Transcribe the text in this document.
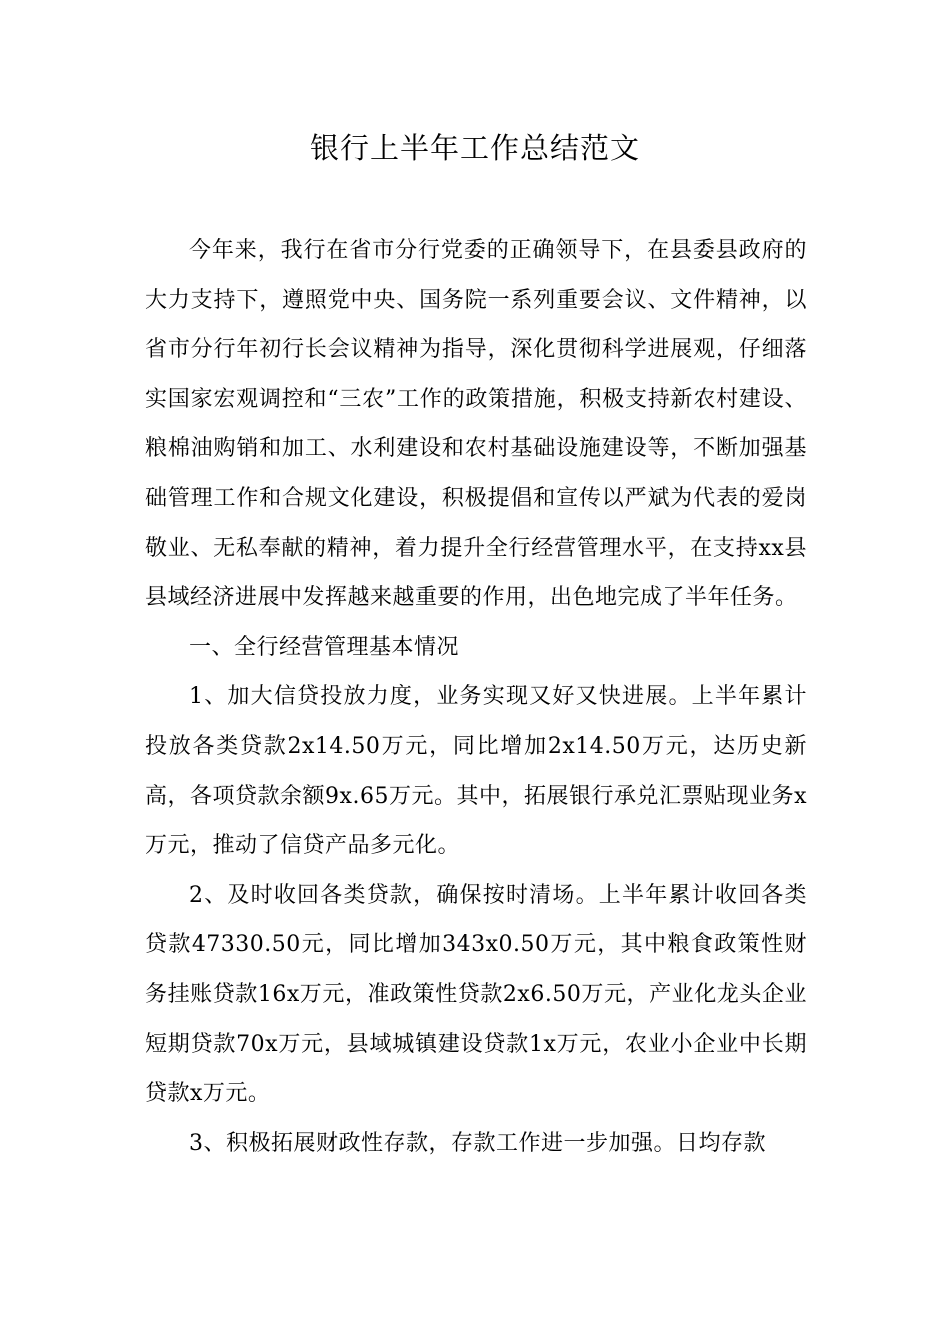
银行上半年工作总结范文

今年来，我行在省市分行党委的正确领导下，在县委县政府的大力支持下，遵照党中央、国务院一系列重要会议、文件精神，以省市分行年初行长会议精神为指导，深化贯彻科学进展观，仔细落实国家宏观调控和“三农”工作的政策措施，积极支持新农村建设、粮棉油购销和加工、水利建设和农村基础设施建设等，不断加强基础管理工作和合规文化建设，积极提倡和宣传以严斌为代表的爱岗敬业、无私奉献的精神，着力提升全行经营管理水平，在支持xx县县域经济进展中发挥越来越重要的作用，出色地完成了半年任务。

一、全行经营管理基本情况

1、加大信贷投放力度，业务实现又好又快进展。上半年累计投放各类贷款2x14.50万元，同比增加2x14.50万元，达历史新高，各项贷款余额9x.65万元。其中，拓展银行承兑汇票贴现业务x万元，推动了信贷产品多元化。

2、及时收回各类贷款，确保按时清场。上半年累计收回各类贷款47330.50元，同比增加343x0.50万元，其中粮食政策性财务挂账贷款16x万元，准政策性贷款2x6.50万元，产业化龙头企业短期贷款70x万元，县域城镇建设贷款1x万元，农业小企业中长期贷款x万元。

3、积极拓展财政性存款，存款工作进一步加强。日均存款
